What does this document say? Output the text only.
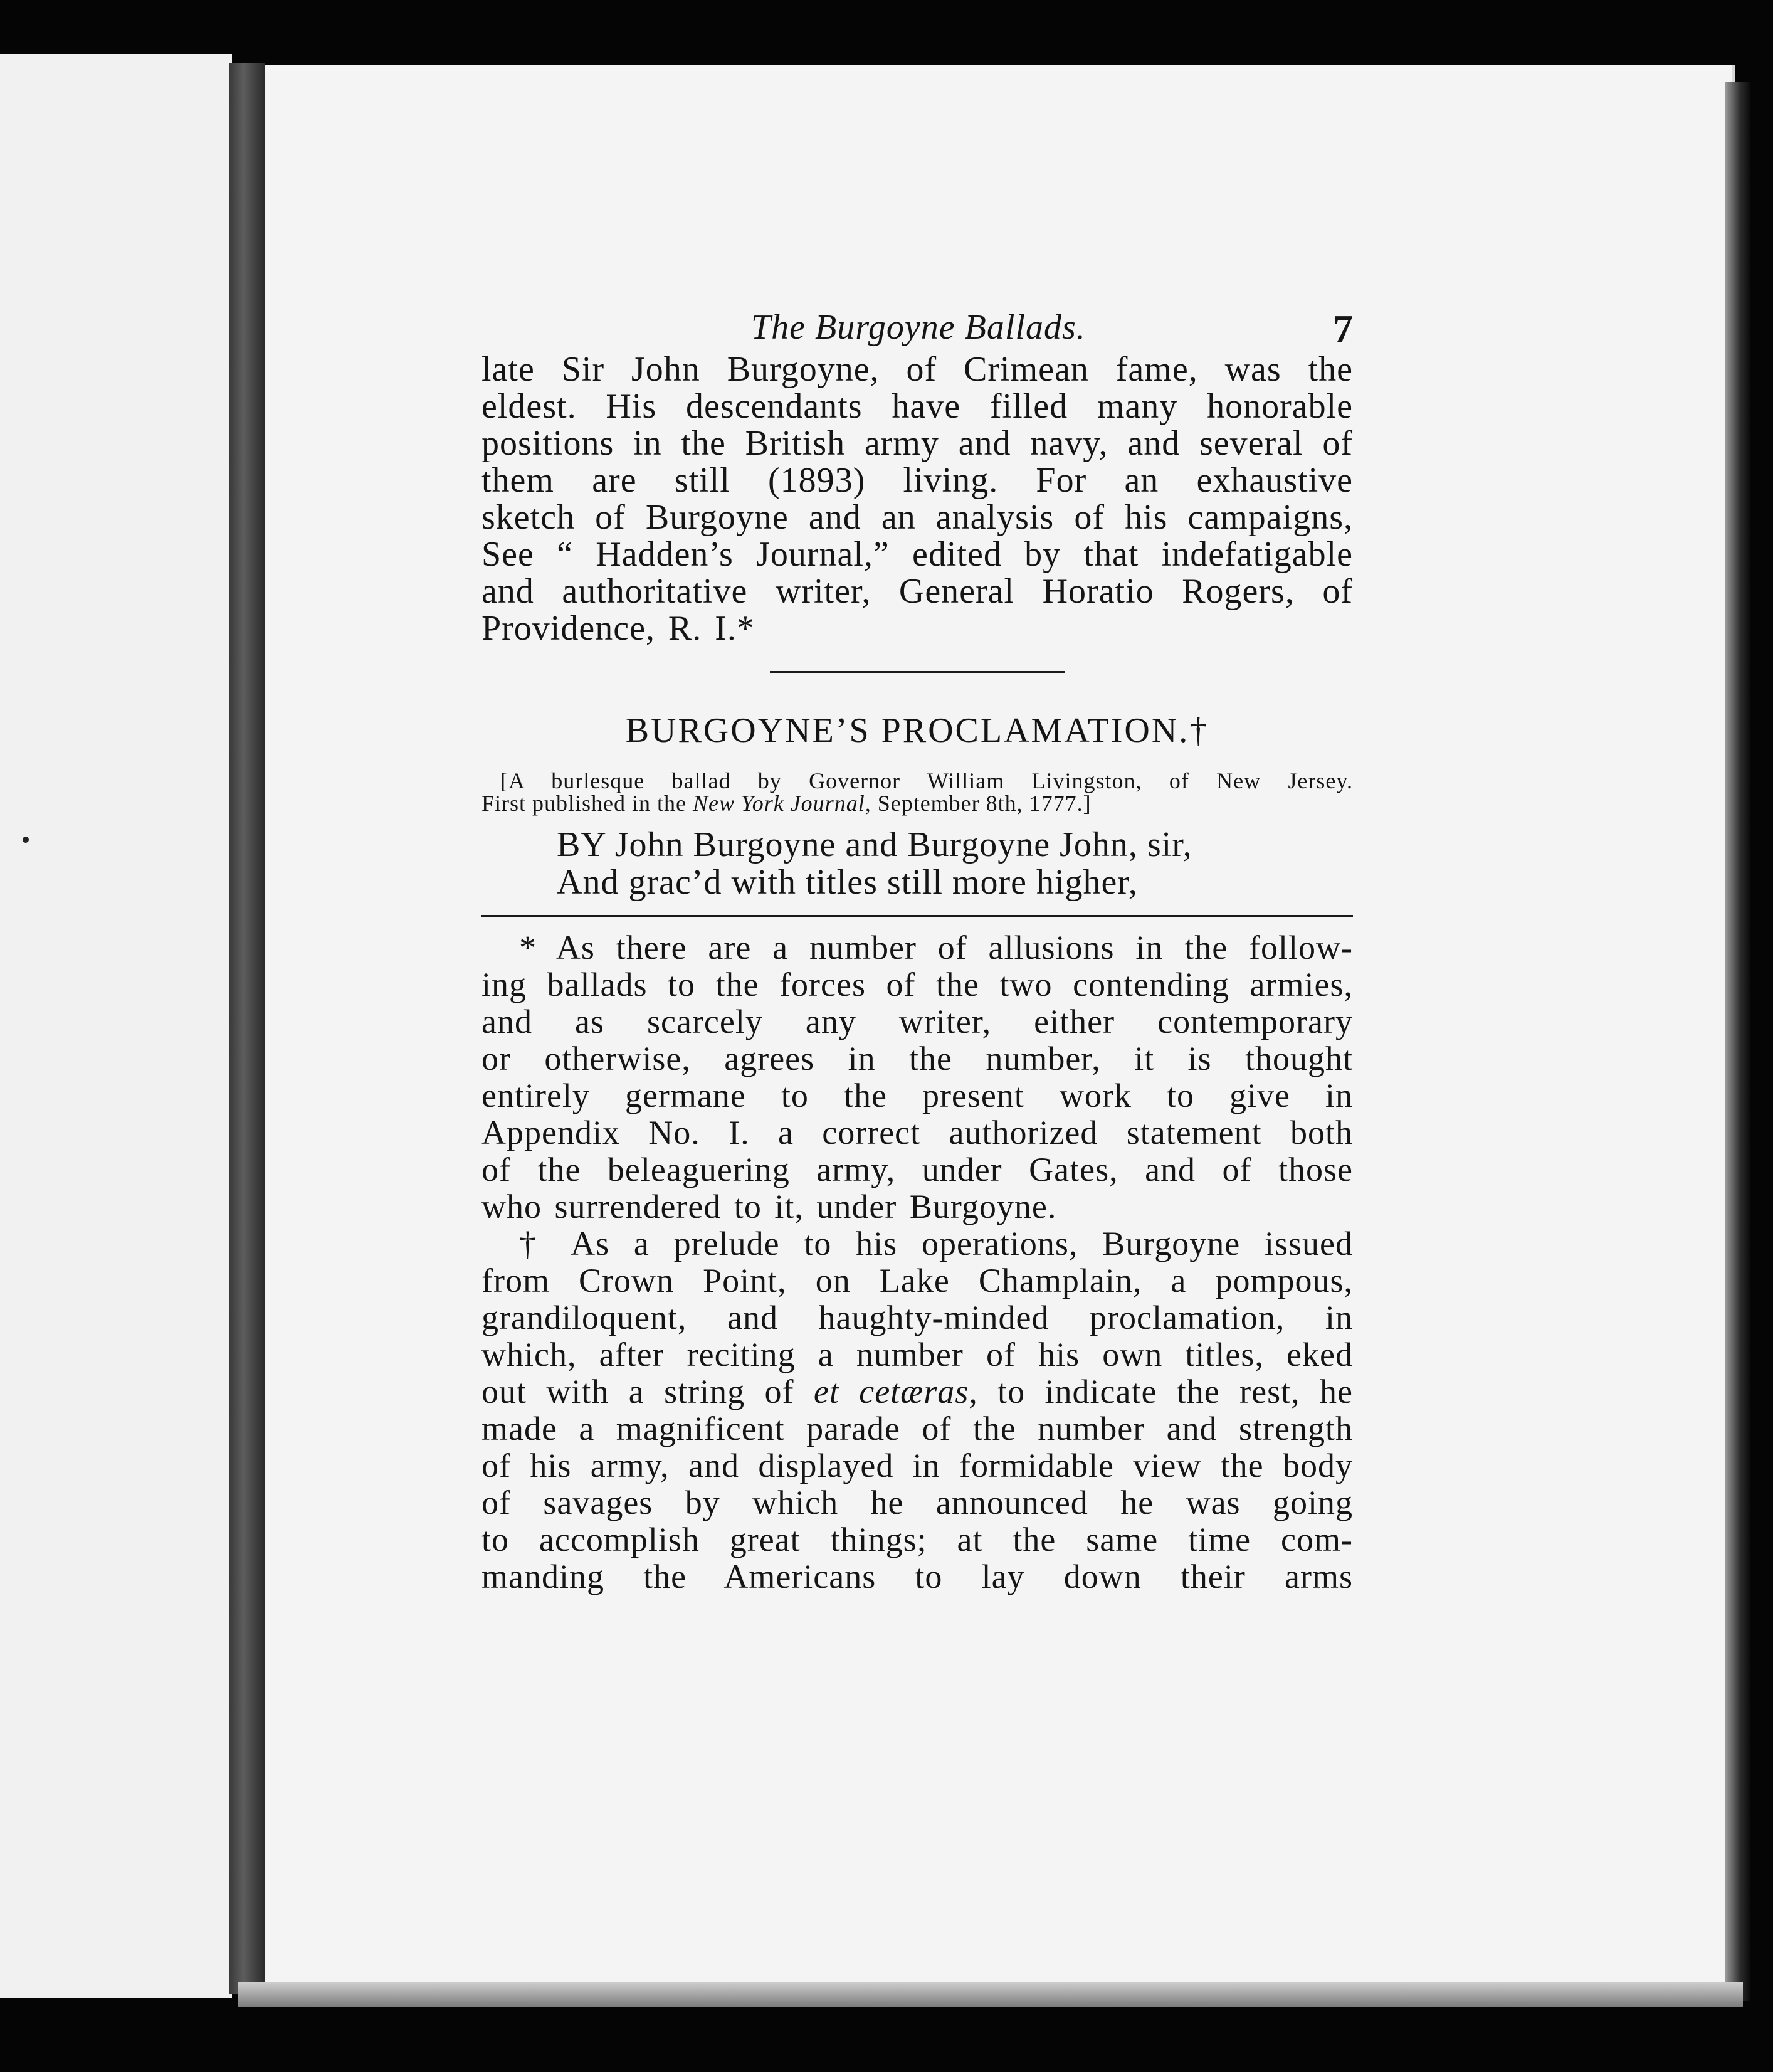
The Burgoyne Ballads.	7

late Sir John Burgoyne, of Crimean fame, was the
eldest. His descendants have filled many honorable
positions in the British army and navy, and several of
them are still (1893) living. For an exhaustive
sketch of Burgoyne and an analysis of his campaigns,
See “ Hadden’s Journal,” edited by that indefatigable
and authoritative writer, General Horatio Rogers, of
Providence, R. I.*

BURGOYNE’S PROCLAMATION.†
[A burlesque ballad by Governor William Livingston, of New Jersey.
First published in the New York Journal, September 8th, 1777.]
BY John Burgoyne and Burgoyne John, sir,
And grac’d with titles still more higher,
* As there are a number of allusions in the follow-
ing ballads to the forces of the two contending armies,
and as scarcely any writer, either contemporary
or otherwise, agrees in the number, it is thought
entirely germane to the present work to give in
Appendix No. I. a correct authorized statement both
of the beleaguering army, under Gates, and of those
who surrendered to it, under Burgoyne.
† As a prelude to his operations, Burgoyne issued
from Crown Point, on Lake Champlain, a pompous,
grandiloquent, and haughty-minded proclamation, in
which, after reciting a number of his own titles, eked
out with a string of et cetæras, to indicate the rest, he
made a magnificent parade of the number and strength
of his army, and displayed in formidable view the body
of savages by which he announced he was going
to accomplish great things; at the same time com-
manding the Americans to lay down their arms
